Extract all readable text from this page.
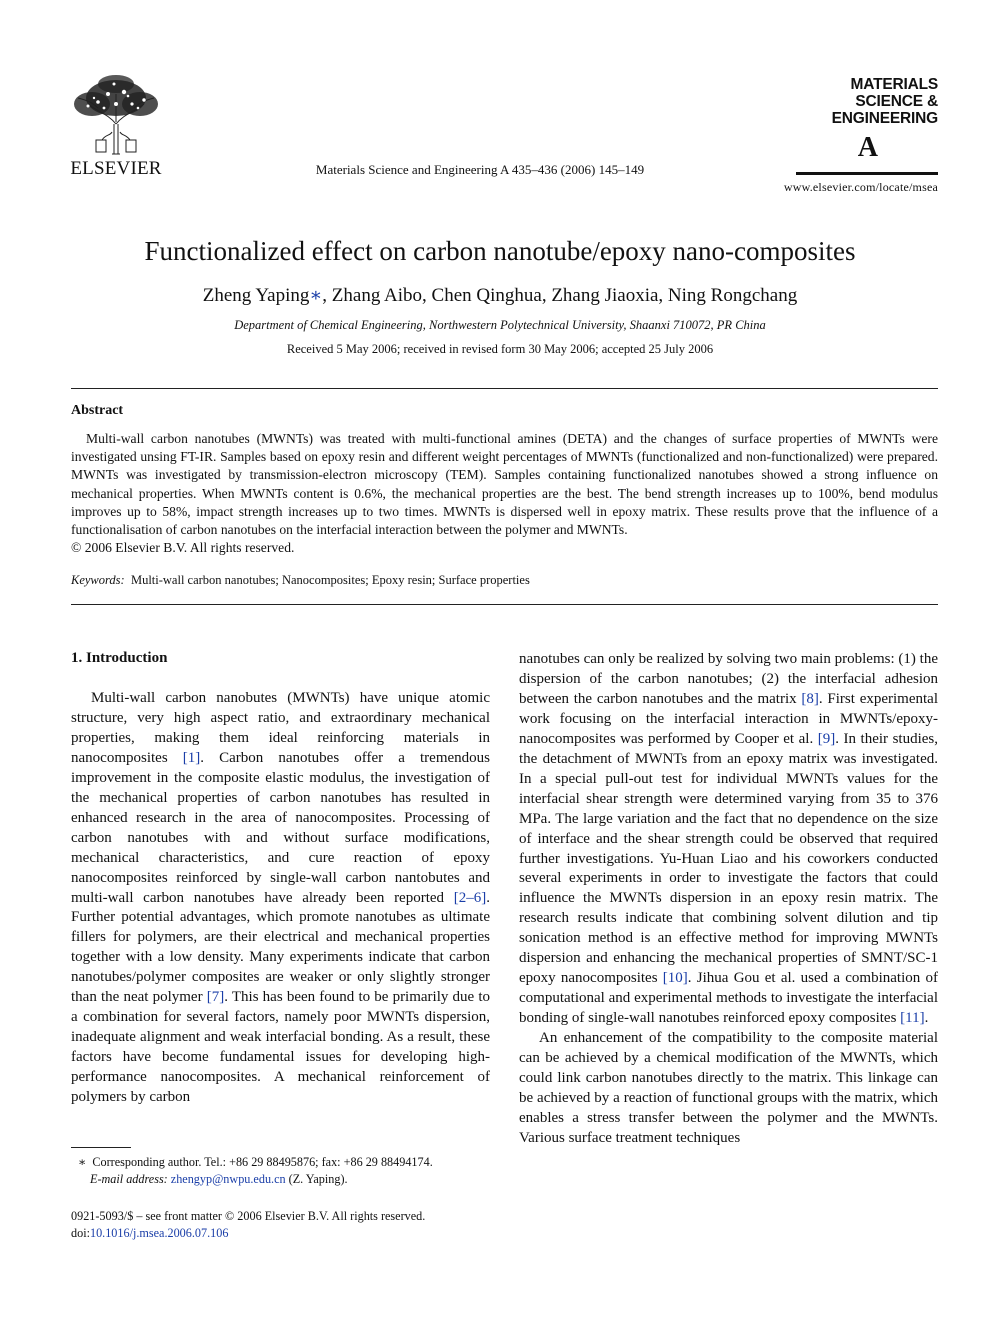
ELSEVIER	Materials Science and Engineering A 435–436 (2006) 145–149
MATERIALS
SCIENCE &
ENGINEERING
A
www.elsevier.com/locate/msea
Functionalized effect on carbon nanotube/epoxy nano-composites
Zheng Yaping∗, Zhang Aibo, Chen Qinghua, Zhang Jiaoxia, Ning Rongchang
Department of Chemical Engineering, Northwestern Polytechnical University, Shaanxi 710072, PR China
Received 5 May 2006; received in revised form 30 May 2006; accepted 25 July 2006
Abstract

Multi-wall carbon nanotubes (MWNTs) was treated with multi-functional amines (DETA) and the changes of surface properties of MWNTs were investigated unsing FT-IR. Samples based on epoxy resin and different weight percentages of MWNTs (functionalized and non-functionalized) were prepared. MWNTs was investigated by transmission-electron microscopy (TEM). Samples containing functionalized nanotubes showed a strong influence on mechanical properties. When MWNTs content is 0.6%, the mechanical properties are the best. The bend strength increases up to 100%, bend modulus improves up to 58%, impact strength increases up to two times. MWNTs is dispersed well in epoxy matrix. These results prove that the influence of a functionalisation of carbon nanotubes on the interfacial interaction between the polymer and MWNTs.

© 2006 Elsevier B.V. All rights reserved.

Keywords: Multi-wall carbon nanotubes; Nanocomposites; Epoxy resin; Surface properties
1. Introduction

Multi-wall carbon nanobutes (MWNTs) have unique atomic structure, very high aspect ratio, and extraordinary mechanical properties, making them ideal reinforcing materials in nanocomposites [1]. Carbon nanotubes offer a tremendous improvement in the composite elastic modulus, the investigation of the mechanical properties of carbon nanotubes has resulted in enhanced research in the area of nanocomposites. Processing of carbon nanotubes with and without surface modifications, mechanical characteristics, and cure reaction of epoxy nanocomposites reinforced by single-wall carbon nantobutes and multi-wall carbon nanotubes have already been reported [2–6]. Further potential advantages, which promote nanotubes as ultimate fillers for polymers, are their electrical and mechanical properties together with a low density. Many experiments indicate that carbon nanotubes/polymer composites are weaker or only slightly stronger than the neat polymer [7]. This has been found to be primarily due to a combination for several factors, namely poor MWNTs dispersion, inadequate alignment and weak interfacial bonding. As a result, these factors have become fundamental issues for developing high-performance nanocomposites. A mechanical reinforcement of polymers by carbon

nanotubes can only be realized by solving two main problems: (1) the dispersion of the carbon nanotubes; (2) the interfacial adhesion between the carbon nanotubes and the matrix [8]. First experimental work focusing on the interfacial interaction in MWNTs/epoxy-nanocomposites was performed by Cooper et al. [9]. In their studies, the detachment of MWNTs from an epoxy matrix was investigated. In a special pull-out test for individual MWNTs values for the interfacial shear strength were determined varying from 35 to 376 MPa. The large variation and the fact that no dependence on the size of interface and the shear strength could be observed that required further investigations. Yu-Huan Liao and his coworkers conducted several experiments in order to investigate the factors that could influence the MWNTs dispersion in an epoxy resin matrix. The research results indicate that combining solvent dilution and tip sonication method is an effective method for improving MWNTs dispersion and enhancing the mechanical properties of SMNT/SC-1 epoxy nanocomposites [10]. Jihua Gou et al. used a combination of computational and experimental methods to investigate the interfacial bonding of single-wall nanotubes reinforced epoxy composites [11].

An enhancement of the compatibility to the composite material can be achieved by a chemical modification of the MWNTs, which could link carbon nanotubes directly to the matrix. This linkage can be achieved by a reaction of functional groups with the matrix, which enables a stress transfer between the polymer and the MWNTs. Various surface treatment techniques

∗ Corresponding author. Tel.: +86 29 88495876; fax: +86 29 88494174.
E-mail address: zhengyp@nwpu.edu.cn (Z. Yaping).
0921-5093/$ – see front matter © 2006 Elsevier B.V. All rights reserved.
doi:10.1016/j.msea.2006.07.106
